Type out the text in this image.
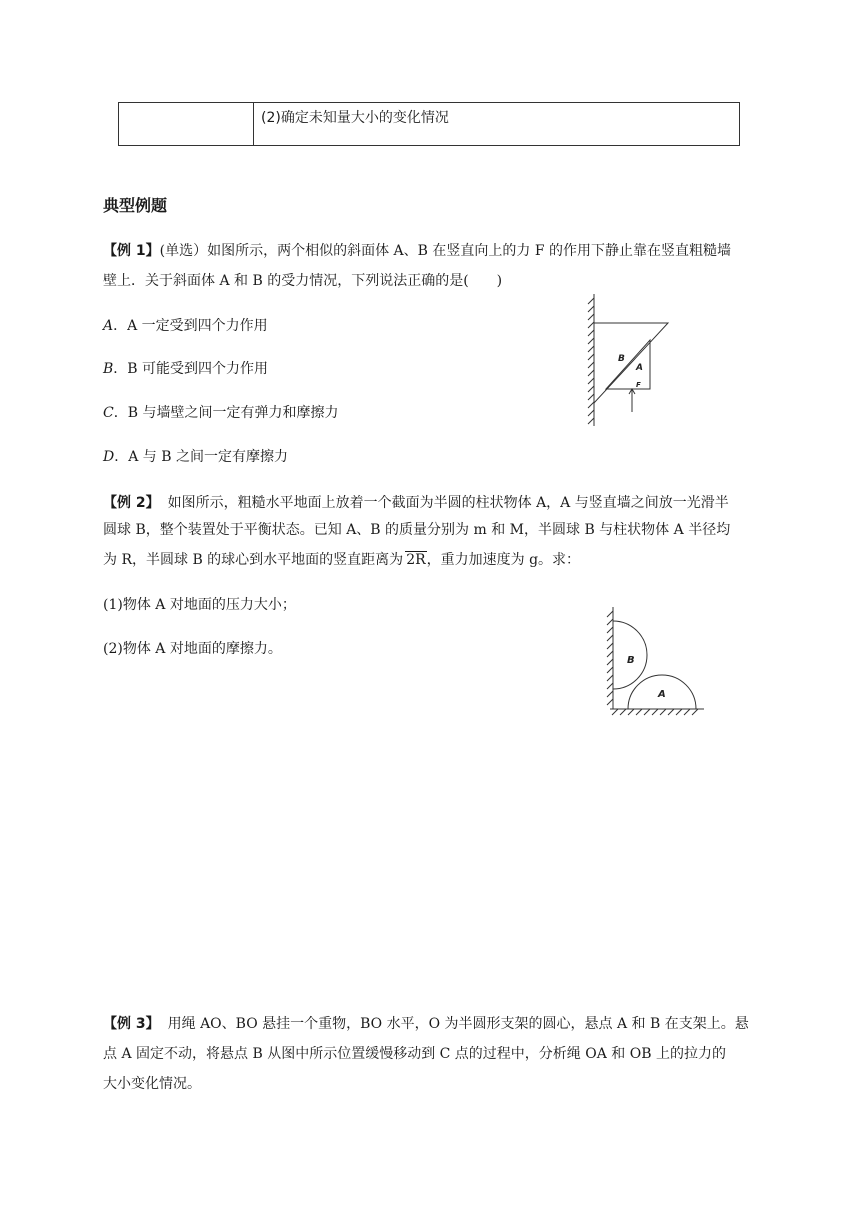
(2)确定未知量大小的变化情况
典型例题
【例 1】(单选）如图所示，两个相似的斜面体 A、B 在竖直向上的力 F 的作用下静止靠在竖直粗糙墙
壁上．关于斜面体 A 和 B 的受力情况，下列说法正确的是(　　)
A．A 一定受到四个力作用
B．B 可能受到四个力作用
C．B 与墙壁之间一定有弹力和摩擦力
D．A 与 B 之间一定有摩擦力
B
A
F
【例 2】 如图所示，粗糙水平地面上放着一个截面为半圆的柱状物体 A，A 与竖直墙之间放一光滑半
圆球 B，整个装置处于平衡状态。已知 A、B 的质量分别为 m 和 M，半圆球 B 与柱状物体 A 半径均
为 R，半圆球 B 的球心到水平地面的竖直距离为 2R，重力加速度为 g。求：
(1)物体 A 对地面的压力大小；
(2)物体 A 对地面的摩擦力。
B
A
【例 3】 用绳 AO、BO 悬挂一个重物，BO 水平，O 为半圆形支架的圆心，悬点 A 和 B 在支架上。悬
点 A 固定不动，将悬点 B 从图中所示位置缓慢移动到 C 点的过程中，分析绳 OA 和 OB 上的拉力的
大小变化情况。
